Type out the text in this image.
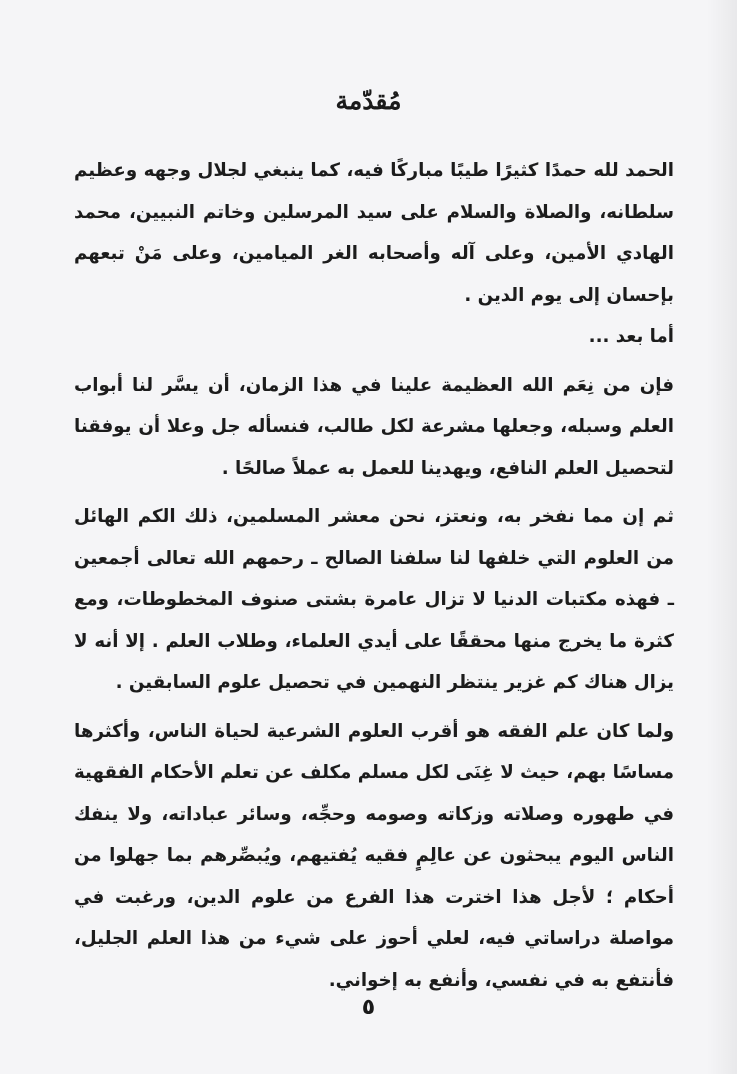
مُقدّمة

الحمد لله حمدًا كثيرًا طيبًا مباركًا فيه، كما ينبغي لجلال وجهه وعظيم سلطانه، والصلاة والسلام على سيد المرسلين وخاتم النبيين، محمد الهادي الأمين، وعلى آله وأصحابه الغر الميامين، وعلى مَنْ تبعهم بإحسان إلى يوم الدين .

أما بعد ...

فإن من نِعَم الله العظيمة علينا في هذا الزمان، أن يسَّر لنا أبواب العلم وسبله، وجعلها مشرعة لكل طالب، فنسأله جل وعلا أن يوفقنا لتحصيل العلم النافع، ويهدينا للعمل به عملاً صالحًا .

ثم إن مما نفخر به، ونعتز، نحن معشر المسلمين، ذلك الكم الهائل من العلوم التي خلفها لنا سلفنا الصالح ـ رحمهم الله تعالى أجمعين ـ فهذه مكتبات الدنيا لا تزال عامرة بشتى صنوف المخطوطات، ومع كثرة ما يخرج منها محققًا على أيدي العلماء، وطلاب العلم . إلا أنه لا يزال هناك كم غزير ينتظر النهمين في تحصيل علوم السابقين .

ولما كان علم الفقه هو أقرب العلوم الشرعية لحياة الناس، وأكثرها مساسًا بهم، حيث لا غِنَى لكل مسلم مكلف عن تعلم الأحكام الفقهية في طهوره وصلاته وزكاته وصومه وحجِّه، وسائر عباداته، ولا ينفك الناس اليوم يبحثون عن عالِمٍ فقيه يُفتيهم، ويُبصِّرهم بما جهلوا من أحكام ؛ لأجل هذا اخترت هذا الفرع من علوم الدين، ورغبت في مواصلة دراساتي فيه، لعلي أحوز على شيء من هذا العلم الجليل، فأنتفع به في نفسي، وأنفع به إخواني.

٥
